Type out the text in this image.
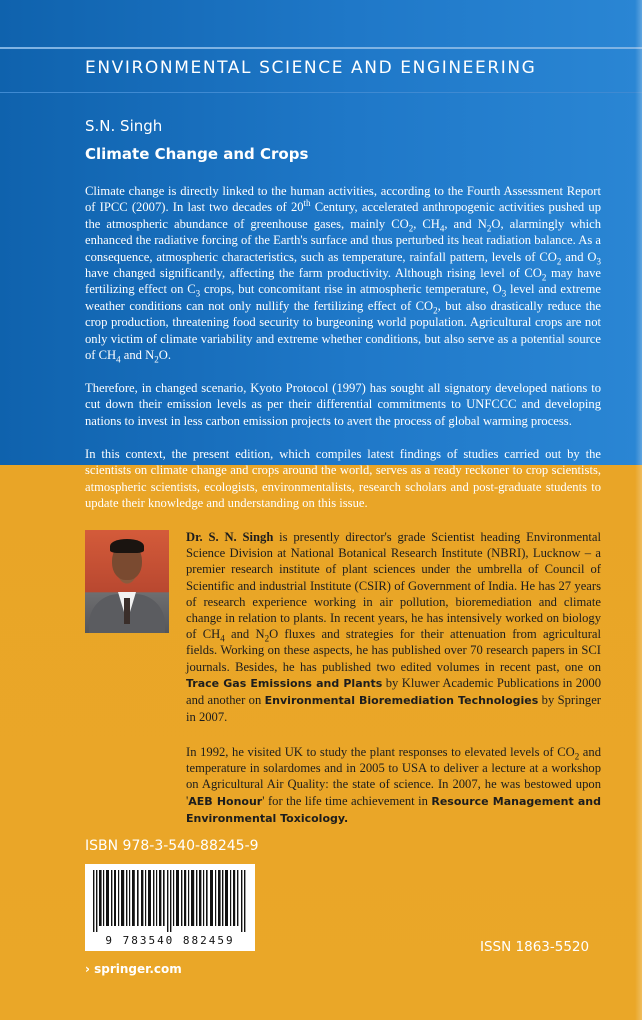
ENVIRONMENTAL SCIENCE AND ENGINEERING
S.N. Singh
Climate Change and Crops
Climate change is directly linked to the human activities, according to the Fourth Assessment Report of IPCC (2007). In last two decades of 20th Century, accelerated anthropogenic activities pushed up the atmospheric abundance of greenhouse gases, mainly $CO_2$, $CH_4$, and $N_2O$, alarmingly which enhanced the radiative forcing of the Earth's surface and thus perturbed its heat radiation balance. As a consequence, atmospheric characteristics, such as temperature, rainfall pattern, levels of $CO_2$ and $O_3$ have changed significantly, affecting the farm productivity. Although rising level of $CO_2$ may have fertilizing effect on $C_3$ crops, but concomitant rise in atmospheric temperature, $O_3$ level and extreme weather conditions can not only nullify the fertilizing effect of $CO_2$, but also drastically reduce the crop production, threatening food security to burgeoning world population. Agricultural crops are not only victim of climate variability and extreme whether conditions, but also serve as a potential source of $CH_4$ and $N_2O$.
Therefore, in changed scenario, Kyoto Protocol (1997) has sought all signatory developed nations to cut down their emission levels as per their differential commitments to UNFCCC and developing nations to invest in less carbon emission projects to avert the process of global warming process.
In this context, the present edition, which compiles latest findings of studies carried out by the scientists on climate change and crops around the world, serves as a ready reckoner to crop scientists, atmospheric scientists, ecologists, environmentalists, research scholars and post-graduate students to update their knowledge and understanding on this issue.
Dr. S. N. Singh is presently director's grade Scientist heading Environmental Science Division at National Botanical Research Institute (NBRI), Lucknow – a premier research institute of plant sciences under the umbrella of Council of Scientific and industrial Institute (CSIR) of Government of India. He has 27 years of research experience working in air pollution, bioremediation and climate change in relation to plants. In recent years, he has intensively worked on biology of $CH_4$ and $N_2O$ fluxes and strategies for their attenuation from agricultural fields. Working on these aspects, he has published over 70 research papers in SCI journals. Besides, he has published two edited volumes in recent past, one on Trace Gas Emissions and Plants by Kluwer Academic Publications in 2000 and another on Environmental Bioremediation Technologies by Springer in 2007.
In 1992, he visited UK to study the plant responses to elevated levels of $CO_2$ and temperature in solardomes and in 2005 to USA to deliver a lecture at a workshop on Agricultural Air Quality: the state of science. In 2007, he was bestowed upon 'AEB Honour' for the life time achievement in Resource Management and Environmental Toxicology.
ISBN 978-3-540-88245-9
9 783540 882459	ISSN 1863-5520
› springer.com
